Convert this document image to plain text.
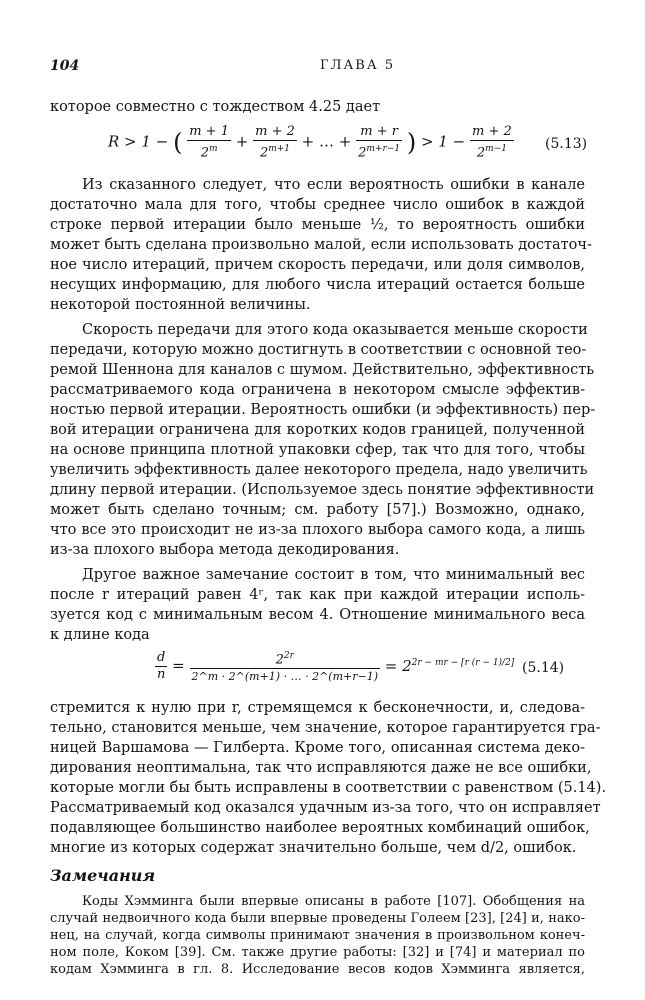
104	ГЛАВА 5
которое совместно с тождеством 4.25 дает
R > 1 − ( $\frac{m + 1}{2^m} + \frac{m + 2}{2^{m+1}}$ + … + $\frac{m + r}{2^{m+r-1}}$ ) > $1 - \frac{m + 2}{2^{m-1}} (5.13)$
Из сказанного следует, что если вероятность ошибки в канале
достаточно мала для того, чтобы среднее число ошибок в каждой
строке первой итерации было меньше ½, то вероятность ошибки
может быть сделана произвольно малой, если использовать достаточ-
ное число итераций, причем скорость передачи, или доля символов,
несущих информацию, для любого числа итераций остается больше
некоторой постоянной величины.
Скорость передачи для этого кода оказывается меньше скорости
передачи, которую можно достигнуть в соответствии с основной тео-
ремой Шеннона для каналов с шумом. Действительно, эффективность
рассматриваемого кода ограничена в некотором смысле эффектив-
ностью первой итерации. Вероятность ошибки (и эффективность) пер-
вой итерации ограничена для коротких кодов границей, полученной
на основе принципа плотной упаковки сфер, так что для того, чтобы
увеличить эффективность далее некоторого предела, надо увеличить
длину первой итерации. (Используемое здесь понятие эффективности
может быть сделано точным; см. работу [57].) Возможно, однако,
что все это происходит не из-за плохого выбора самого кода, а лишь
из-за плохого выбора метода декодирования.
Другое важное замечание состоит в том, что минимальный вес
после r итераций равен 4ʳ, так как при каждой итерации исполь-
зуется код с минимальным весом 4. Отношение минимального веса
к длине кода
$\frac{d}{n} = \frac{2^{2r}}{2\^{}m \cdot 2\^{}(m+1) \cdot \dots \cdot 2\^{}(m+r-1)} = 2^{2r - mr - [r (r - 1)/2]}$ (5.14)
стремится к нулю при r, стремящемся к бесконечности, и, следова-
тельно, становится меньше, чем значение, которое гарантируется гра-
ницей Варшамова — Гилберта. Кроме того, описанная система деко-
дирования неоптимальна, так что исправляются даже не все ошибки,
которые могли бы быть исправлены в соответствии с равенством (5.14).
Рассматриваемый код оказался удачным из-за того, что он исправляет
подавляющее большинство наиболее вероятных комбинаций ошибок,
многие из которых содержат значительно больше, чем d/2, ошибок.
Замечания
Коды Хэмминга были впервые описаны в работе [107]. Обобщения на
случай недвоичного кода были впервые проведены Голеем [23], [24] и, нако-
нец, на случай, когда символы принимают значения в произвольном конеч-
ном поле, Коком [39]. См. также другие работы: [32] и [74] и материал по
кодам Хэмминга в гл. 8. Исследование весов кодов Хэмминга является,
